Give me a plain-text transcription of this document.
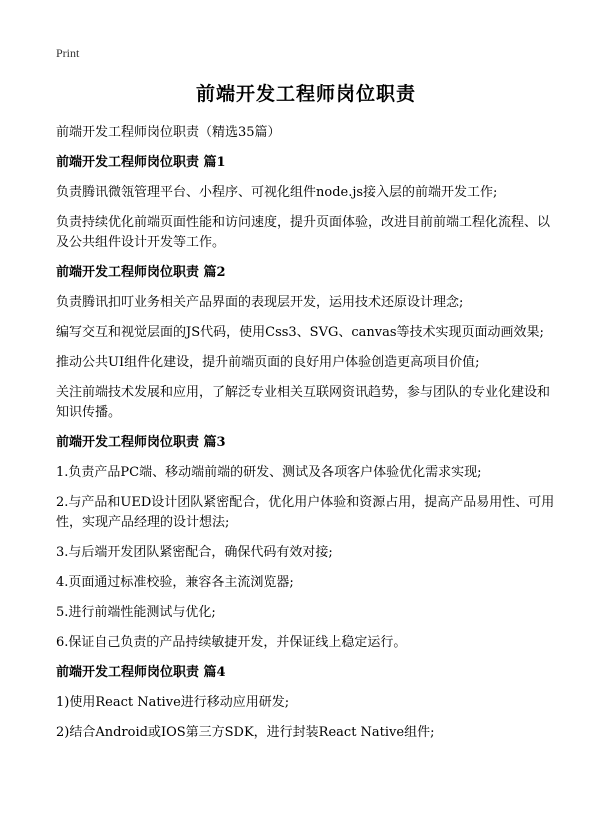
Print
前端开发工程师岗位职责
前端开发工程师岗位职责（精选35篇）
前端开发工程师岗位职责 篇1

负责腾讯微瓴管理平台、小程序、可视化组件node.js接入层的前端开发工作;

负责持续优化前端页面性能和访问速度，提升页面体验，改进目前前端工程化流程、以及公共组件设计开发等工作。

前端开发工程师岗位职责 篇2

负责腾讯扣叮业务相关产品界面的表现层开发，运用技术还原设计理念;

编写交互和视觉层面的JS代码，使用Css3、SVG、canvas等技术实现页面动画效果;

推动公共UI组件化建设，提升前端页面的良好用户体验创造更高项目价值;

关注前端技术发展和应用，了解泛专业相关互联网资讯趋势，参与团队的专业化建设和知识传播。

前端开发工程师岗位职责 篇3

1.负责产品PC端、移动端前端的研发、测试及各项客户体验优化需求实现;

2.与产品和UED设计团队紧密配合，优化用户体验和资源占用，提高产品易用性、可用性，实现产品经理的设计想法;

3.与后端开发团队紧密配合，确保代码有效对接;

4.页面通过标准校验，兼容各主流浏览器;

5.进行前端性能测试与优化;

6.保证自己负责的产品持续敏捷开发，并保证线上稳定运行。

前端开发工程师岗位职责 篇4

1)使用React Native进行移动应用研发;

2)结合Android或IOS第三方SDK，进行封装React Native组件;
